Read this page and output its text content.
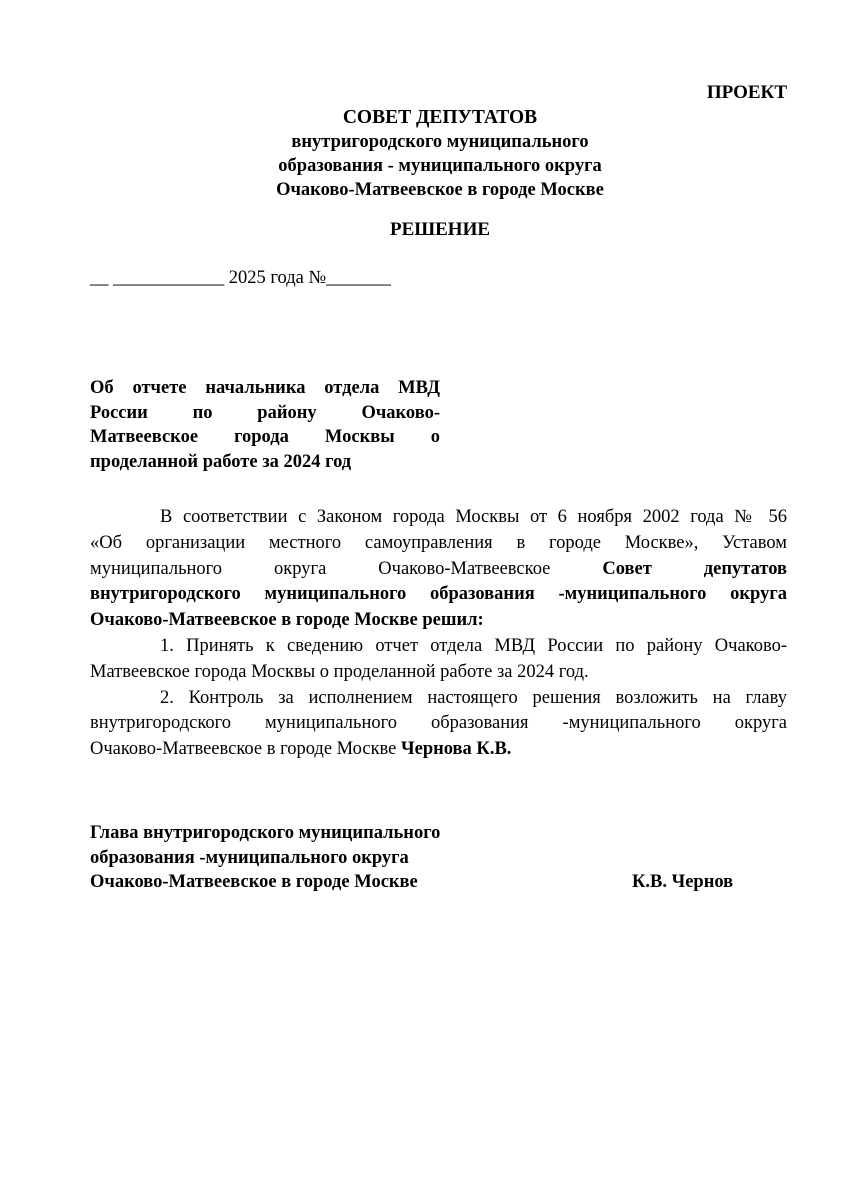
ПРОЕКТ
СОВЕТ ДЕПУТАТОВ
внутригородского муниципального
образования - муниципального округа
Очаково-Матвеевское в городе Москве
РЕШЕНИЕ
__ ____________ 2025 года №_______
Об отчете начальника отдела МВД
России по району Очаково-
Матвеевское города Москвы о
проделанной работе за 2024 год
В соответствии с Законом города Москвы от 6 ноября 2002 года № 56
«Об организации местного самоуправления в городе Москве», Уставом
муниципального округа Очаково-Матвеевское Совет депутатов
внутригородского муниципального образования -муниципального округа
Очаково-Матвеевское в городе Москве решил:
1. Принять к сведению отчет отдела МВД России по району Очаково-
Матвеевское города Москвы о проделанной работе за 2024 год.
2. Контроль за исполнением настоящего решения возложить на главу
внутригородского муниципального образования -муниципального округа
Очаково-Матвеевское в городе Москве Чернова К.В.
Глава внутригородского муниципального
образования -муниципального округа
Очаково-Матвеевское в городе Москве	К.В. Чернов
